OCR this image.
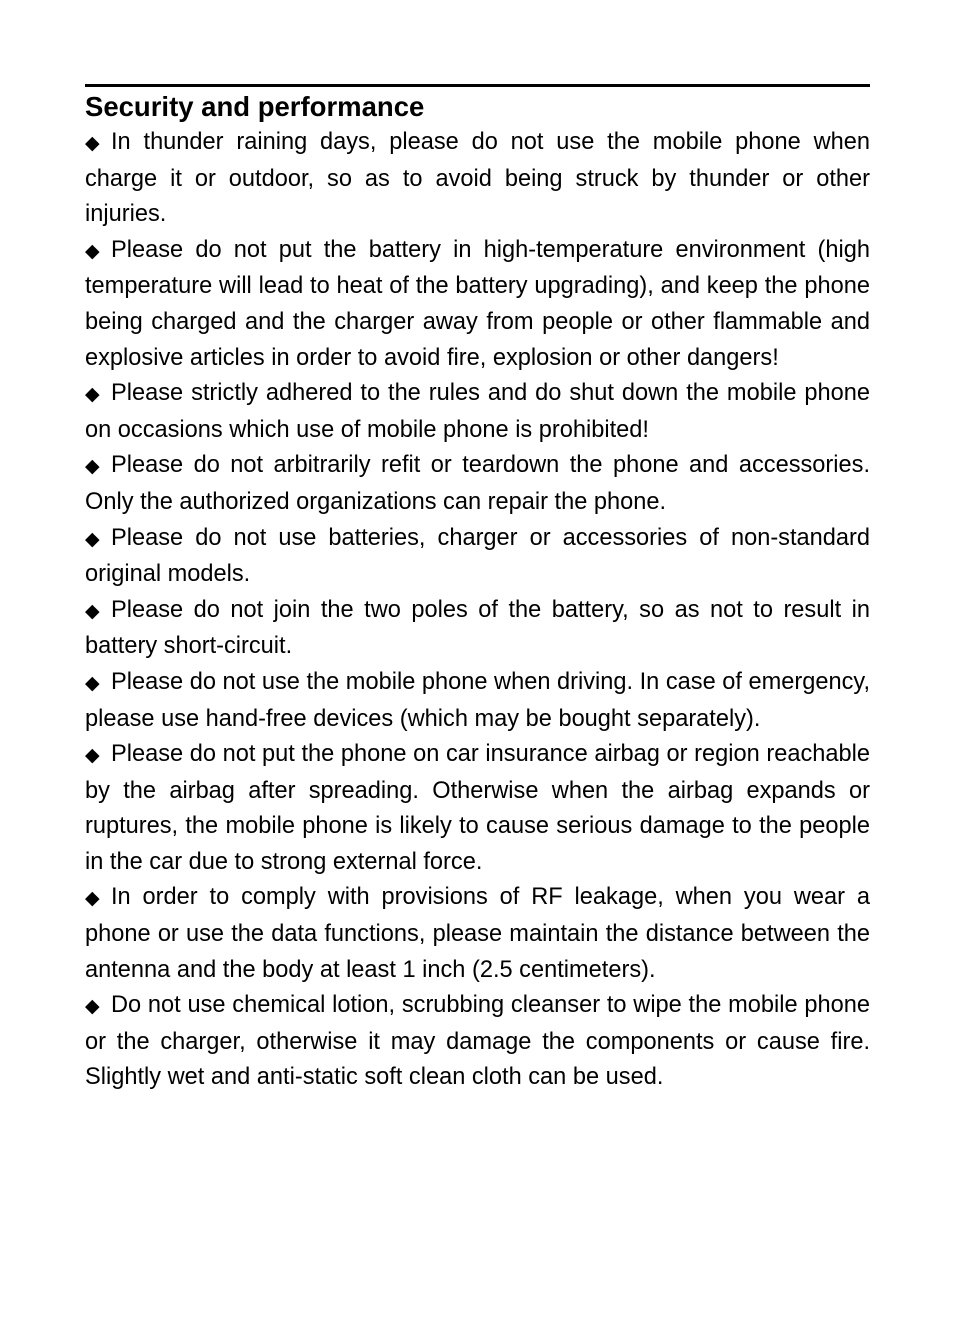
Security and performance

◆ In thunder raining days, please do not use the mobile phone when charge it or outdoor, so as to avoid being struck by thunder or other injuries.

◆ Please do not put the battery in high-temperature environment (high temperature will lead to heat of the battery upgrading), and keep the phone being charged and the charger away from people or other flammable and explosive articles in order to avoid fire, explosion or other dangers!

◆ Please strictly adhered to the rules and do shut down the mobile phone on occasions which use of mobile phone is prohibited!

◆ Please do not arbitrarily refit or teardown the phone and accessories. Only the authorized organizations can repair the phone.

◆ Please do not use batteries, charger or accessories of non-standard original models.

◆ Please do not join the two poles of the battery, so as not to result in battery short-circuit.

◆ Please do not use the mobile phone when driving. In case of emergency, please use hand-free devices (which may be bought separately).

◆ Please do not put the phone on car insurance airbag or region reachable by the airbag after spreading. Otherwise when the airbag expands or ruptures, the mobile phone is likely to cause serious damage to the people in the car due to strong external force.

◆ In order to comply with provisions of RF leakage, when you wear a phone or use the data functions, please maintain the distance between the antenna and the body at least 1 inch (2.5 centimeters).

◆ Do not use chemical lotion, scrubbing cleanser to wipe the mobile phone or the charger, otherwise it may damage the components or cause fire. Slightly wet and anti-static soft clean cloth can be used.
